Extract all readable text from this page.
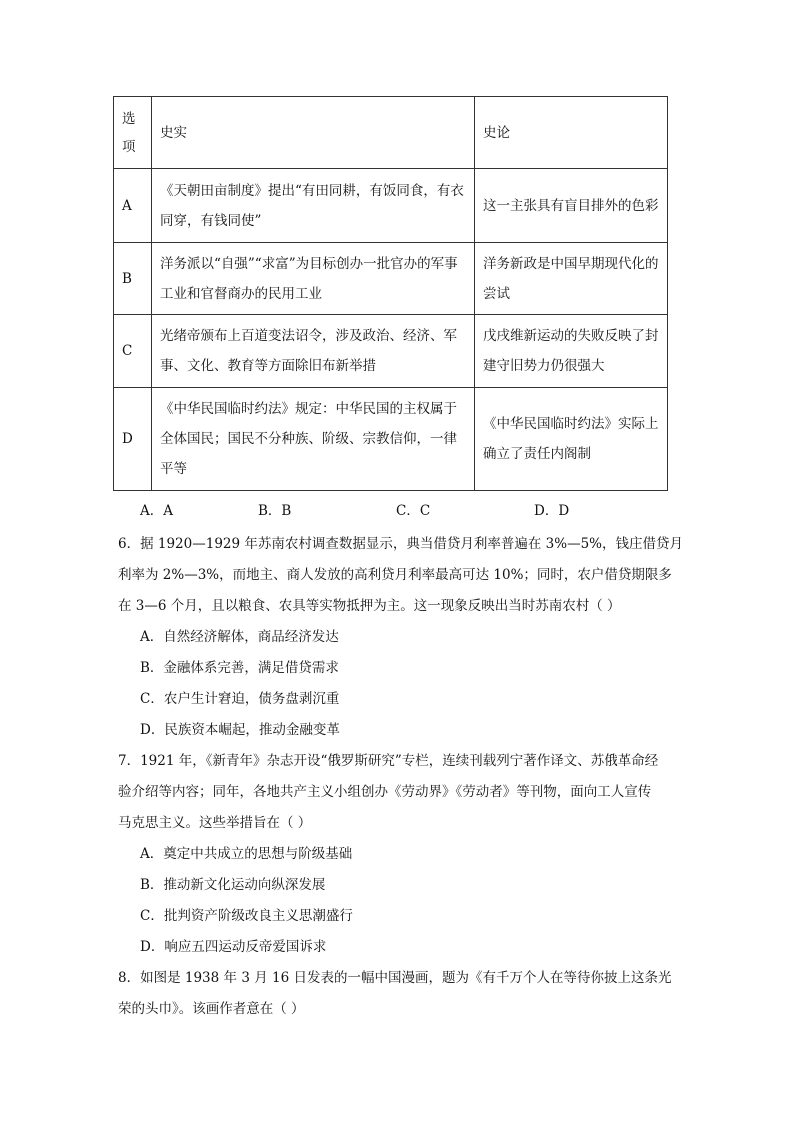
选
项	史实	史论
A	《天朝田亩制度》提出“有田同耕，有饭同食，有衣同穿，有钱同使”	这一主张具有盲目排外的色彩
B	洋务派以“自强”“求富”为目标创办一批官办的军事工业和官督商办的民用工业	洋务新政是中国早期现代化的尝试
C	光绪帝颁布上百道变法诏令，涉及政治、经济、军事、文化、教育等方面除旧布新举措	戊戌维新运动的失败反映了封建守旧势力仍很强大
D	《中华民国临时约法》规定：中华民国的主权属于全体国民；国民不分种族、阶级、宗教信仰，一律平等	《中华民国临时约法》实际上确立了责任内阁制
A．A	B．B	C．C	D．D

6．据 1920—1929 年苏南农村调查数据显示，典当借贷月利率普遍在 3%—5%，钱庄借贷月

利率为 2%—3%，而地主、商人发放的高利贷月利率最高可达 10%；同时，农户借贷期限多

在 3—6 个月，且以粮食、农具等实物抵押为主。这一现象反映出当时苏南农村（ ）

A．自然经济解体，商品经济发达

B．金融体系完善，满足借贷需求

C．农户生计窘迫，债务盘剥沉重

D．民族资本崛起，推动金融变革

7．1921 年，《新青年》杂志开设“俄罗斯研究”专栏，连续刊载列宁著作译文、苏俄革命经

验介绍等内容；同年，各地共产主义小组创办《劳动界》《劳动者》等刊物，面向工人宣传

马克思主义。这些举措旨在（ ）

A．奠定中共成立的思想与阶级基础

B．推动新文化运动向纵深发展

C．批判资产阶级改良主义思潮盛行

D．响应五四运动反帝爱国诉求

8．如图是 1938 年 3 月 16 日发表的一幅中国漫画，题为《有千万个人在等待你披上这条光

荣的头巾》。该画作者意在（ ）
